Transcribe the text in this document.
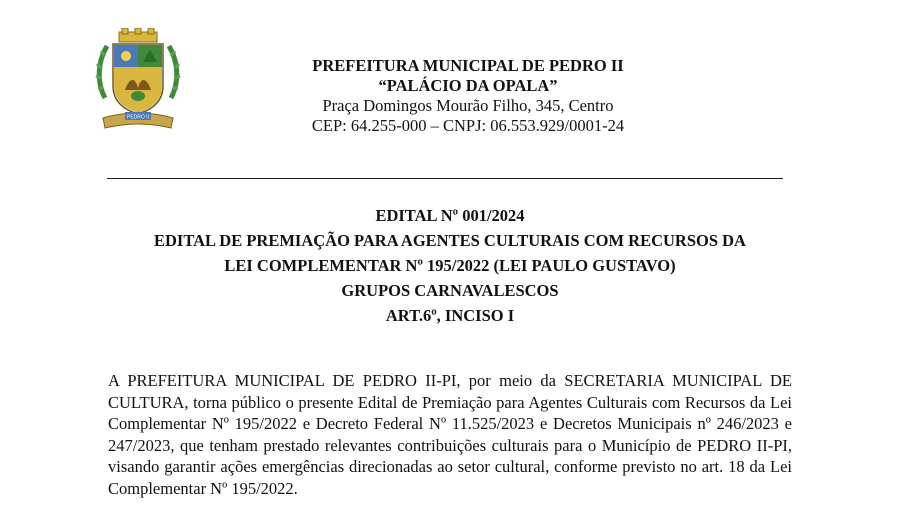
PEDRO II
PREFEITURA MUNICIPAL DE PEDRO II
“PALÁCIO DA OPALA”
Praça Domingos Mourão Filho, 345, Centro
CEP: 64.255-000 – CNPJ: 06.553.929/0001-24
EDITAL Nº 001/2024
EDITAL DE PREMIAÇÃO PARA AGENTES CULTURAIS COM RECURSOS DA
LEI COMPLEMENTAR Nº 195/2022 (LEI PAULO GUSTAVO)
GRUPOS CARNAVALESCOS
ART.6º, INCISO I
A PREFEITURA MUNICIPAL DE PEDRO II-PI, por meio da SECRETARIA MUNICIPAL DE CULTURA, torna público o presente Edital de Premiação para Agentes Culturais com Recursos da Lei Complementar Nº 195/2022 e Decreto Federal Nº 11.525/2023 e Decretos Municipais nº 246/2023 e 247/2023, que tenham prestado relevantes contribuições culturais para o Município de PEDRO II-PI, visando garantir ações emergências direcionadas ao setor cultural, conforme previsto no art. 18 da Lei Complementar Nº 195/2022.
